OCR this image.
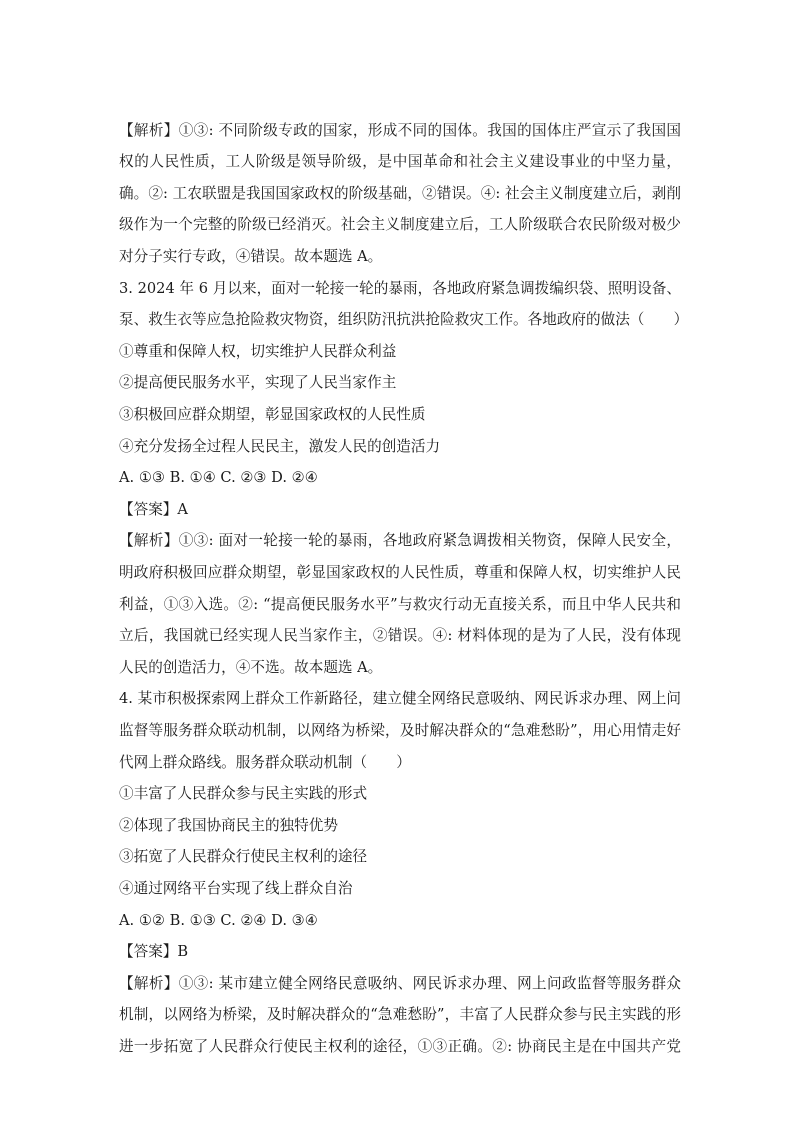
【解析】①③: 不同阶级专政的国家，形成不同的国体。我国的国体庄严宣示了我国国
权的人民性质，工人阶级是领导阶级，是中国革命和社会主义建设事业的中坚力量，
确。②: 工农联盟是我国国家政权的阶级基础，②错误。④: 社会主义制度建立后，剥削
级作为一个完整的阶级已经消灭。社会主义制度建立后，工人阶级联合农民阶级对极少
对分子实行专政，④错误。故本题选 A。
3. 2024 年 6 月以来，面对一轮接一轮的暴雨，各地政府紧急调拨编织袋、照明设备、
泵、救生衣等应急抢险救灾物资，组织防汛抗洪抢险救灾工作。各地政府的做法（　　）
①尊重和保障人权，切实维护人民群众利益
②提高便民服务水平，实现了人民当家作主
③积极回应群众期望，彰显国家政权的人民性质
④充分发扬全过程人民民主，激发人民的创造活力
A. ①③ B. ①④ C. ②③ D. ②④
【答案】A
【解析】①③: 面对一轮接一轮的暴雨，各地政府紧急调拨相关物资，保障人民安全，
明政府积极回应群众期望，彰显国家政权的人民性质，尊重和保障人权，切实维护人民
利益，①③入选。②: “提高便民服务水平”与救灾行动无直接关系，而且中华人民共和
立后，我国就已经实现人民当家作主，②错误。④: 材料体现的是为了人民，没有体现
人民的创造活力，④不选。故本题选 A。
4. 某市积极探索网上群众工作新路径，建立健全网络民意吸纳、网民诉求办理、网上问
监督等服务群众联动机制，以网络为桥梁，及时解决群众的“急难愁盼”，用心用情走好
代网上群众路线。服务群众联动机制（　　）
①丰富了人民群众参与民主实践的形式
②体现了我国协商民主的独特优势
③拓宽了人民群众行使民主权利的途径
④通过网络平台实现了线上群众自治
A. ①② B. ①③ C. ②④ D. ③④
【答案】B
【解析】①③: 某市建立健全网络民意吸纳、网民诉求办理、网上问政监督等服务群众
机制，以网络为桥梁，及时解决群众的“急难愁盼”，丰富了人民群众参与民主实践的形
进一步拓宽了人民群众行使民主权利的途径，①③正确。②: 协商民主是在中国共产党
